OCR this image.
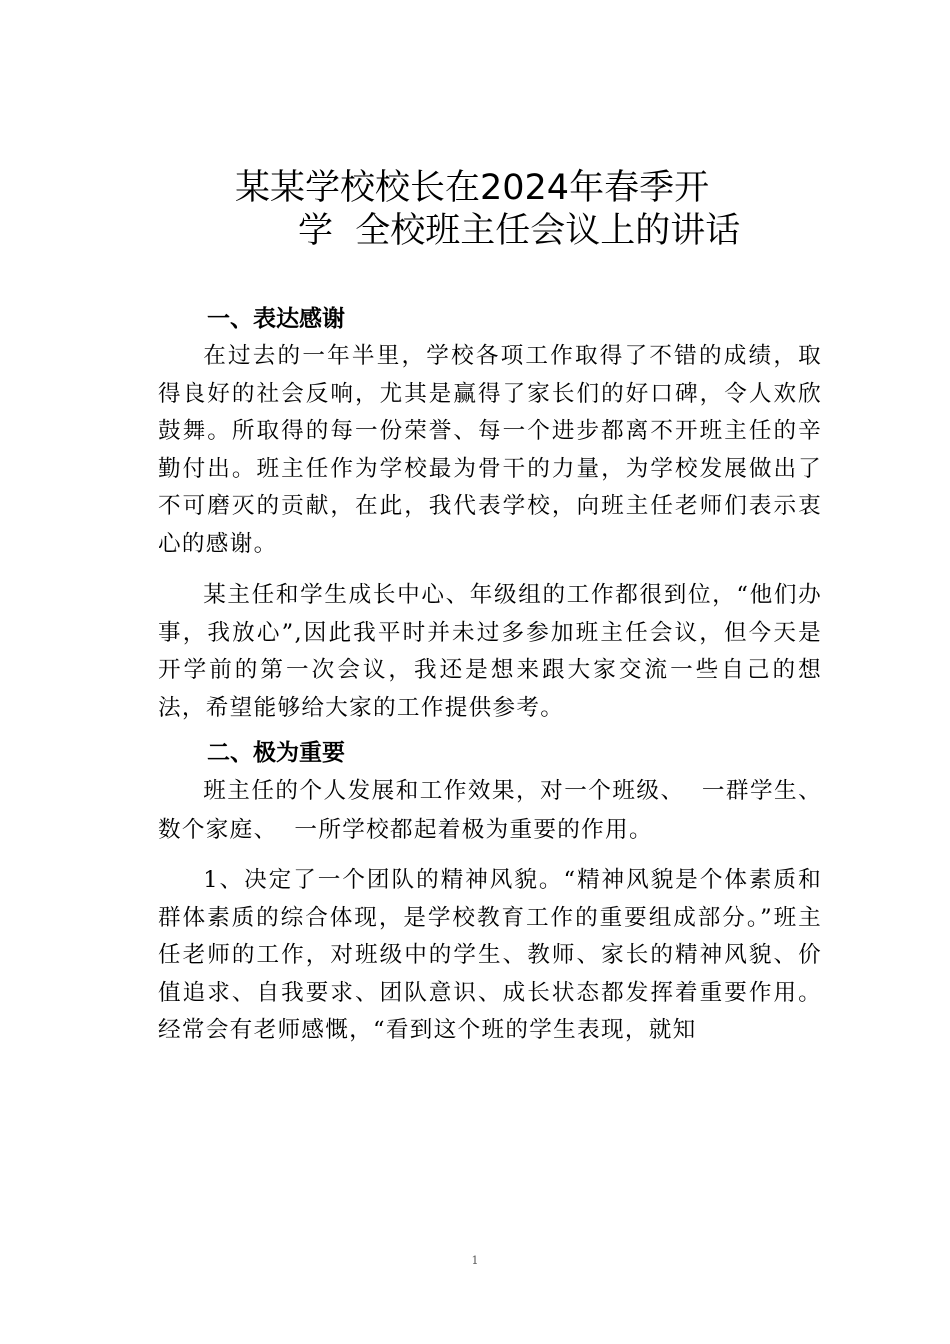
某某学校校长在2024年春季开
学  全校班主任会议上的讲话
一、表达感谢

在过去的一年半里，学校各项工作取得了不错的成绩，取得良好的社会反响，尤其是赢得了家长们的好口碑，令人欢欣鼓舞。所取得的每一份荣誉、每一个进步都离不开班主任的辛勤付出。班主任作为学校最为骨干的力量，为学校发展做出了不可磨灭的贡献，在此，我代表学校，向班主任老师们表示衷心的感谢。

某主任和学生成长中心、年级组的工作都很到位，“他们办事，我放心”,因此我平时并未过多参加班主任会议，但今天是开学前的第一次会议，我还是想来跟大家交流一些自己的想法，希望能够给大家的工作提供参考。

二、极为重要

班主任的个人发展和工作效果，对一个班级、  一群学生、数个家庭、  一所学校都起着极为重要的作用。

1、决定了一个团队的精神风貌。“精神风貌是个体素质和群体素质的综合体现，是学校教育工作的重要组成部分。”班主任老师的工作，对班级中的学生、教师、家长的精神风貌、价值追求、自我要求、团队意识、成长状态都发挥着重要作用。经常会有老师感慨，“看到这个班的学生表现，就知

1
